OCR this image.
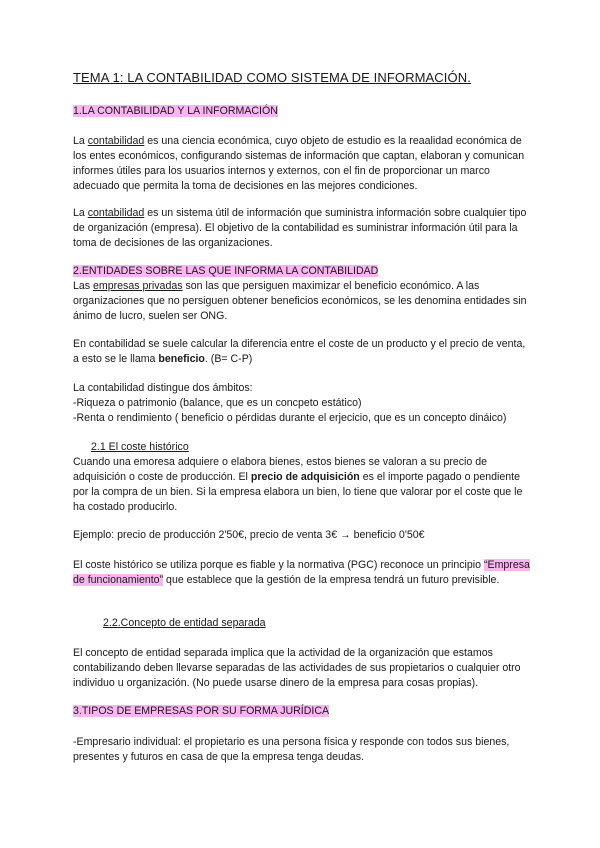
TEMA 1: LA CONTABILIDAD COMO SISTEMA DE INFORMACIÓN.
1.LA CONTABILIDAD Y LA INFORMACIÓN

La contabilidad es una ciencia económica, cuyo objeto de estudio es la reaalidad económica de los entes económicos, configurando sistemas de información que captan, elaboran y comunican informes útiles para los usuarios internos y externos, con el fin de proporcionar un marco adecuado que permita la toma de decisiones en las mejores condiciones.

La contabilidad es un sistema útil de información que suministra información sobre cualquier tipo de organización (empresa). El objetivo de la contabilidad es suministrar información útil para la toma de decisiones de las organizaciones.

2.ENTIDADES SOBRE LAS QUE INFORMA LA CONTABILIDAD

Las empresas privadas son las que persiguen maximizar el beneficio económico. A las organizaciones que no persiguen obtener beneficios económicos, se les denomina entidades sin ánimo de lucro, suelen ser ONG.

En contabilidad se suele calcular la diferencia entre el coste de un producto y el precio de venta, a esto se le llama beneficio. (B= C-P)

La contabilidad distingue dos ámbitos:
-Riqueza o patrimonio (balance, que es un concpeto estático)
-Renta o rendimiento ( beneficio o pérdidas durante el erjecicio, que es un concepto dináico)
2.1 El coste histórico

Cuando una emoresa adquiere o elabora bienes, estos bienes se valoran a su precio de adquisición o coste de producción. El precio de adquisición es el importe pagado o pendiente por la compra de un bien. Si la empresa elabora un bien, lo tiene que valorar por el coste que le ha costado producirlo.

Ejemplo: precio de producción 2'50€, precio de venta 3€ → beneficio 0'50€

El coste histórico se utiliza porque es fiable y la normativa (PGC) reconoce un principio “Empresa de funcionamiento” que establece que la gestión de la empresa tendrá un futuro previsible.

2.2.Concepto de entidad separada

El concepto de entidad separada implica que la actividad de la organización que estamos contabilizando deben llevarse separadas de las actividades de sus propietarios o cualquier otro individuo u organización. (No puede usarse dinero de la empresa para cosas propias).

3.TIPOS DE EMPRESAS POR SU FORMA JURÍDICA

-Empresario individual: el propietario es una persona física y responde con todos sus bienes, presentes y futuros en casa de que la empresa tenga deudas.
